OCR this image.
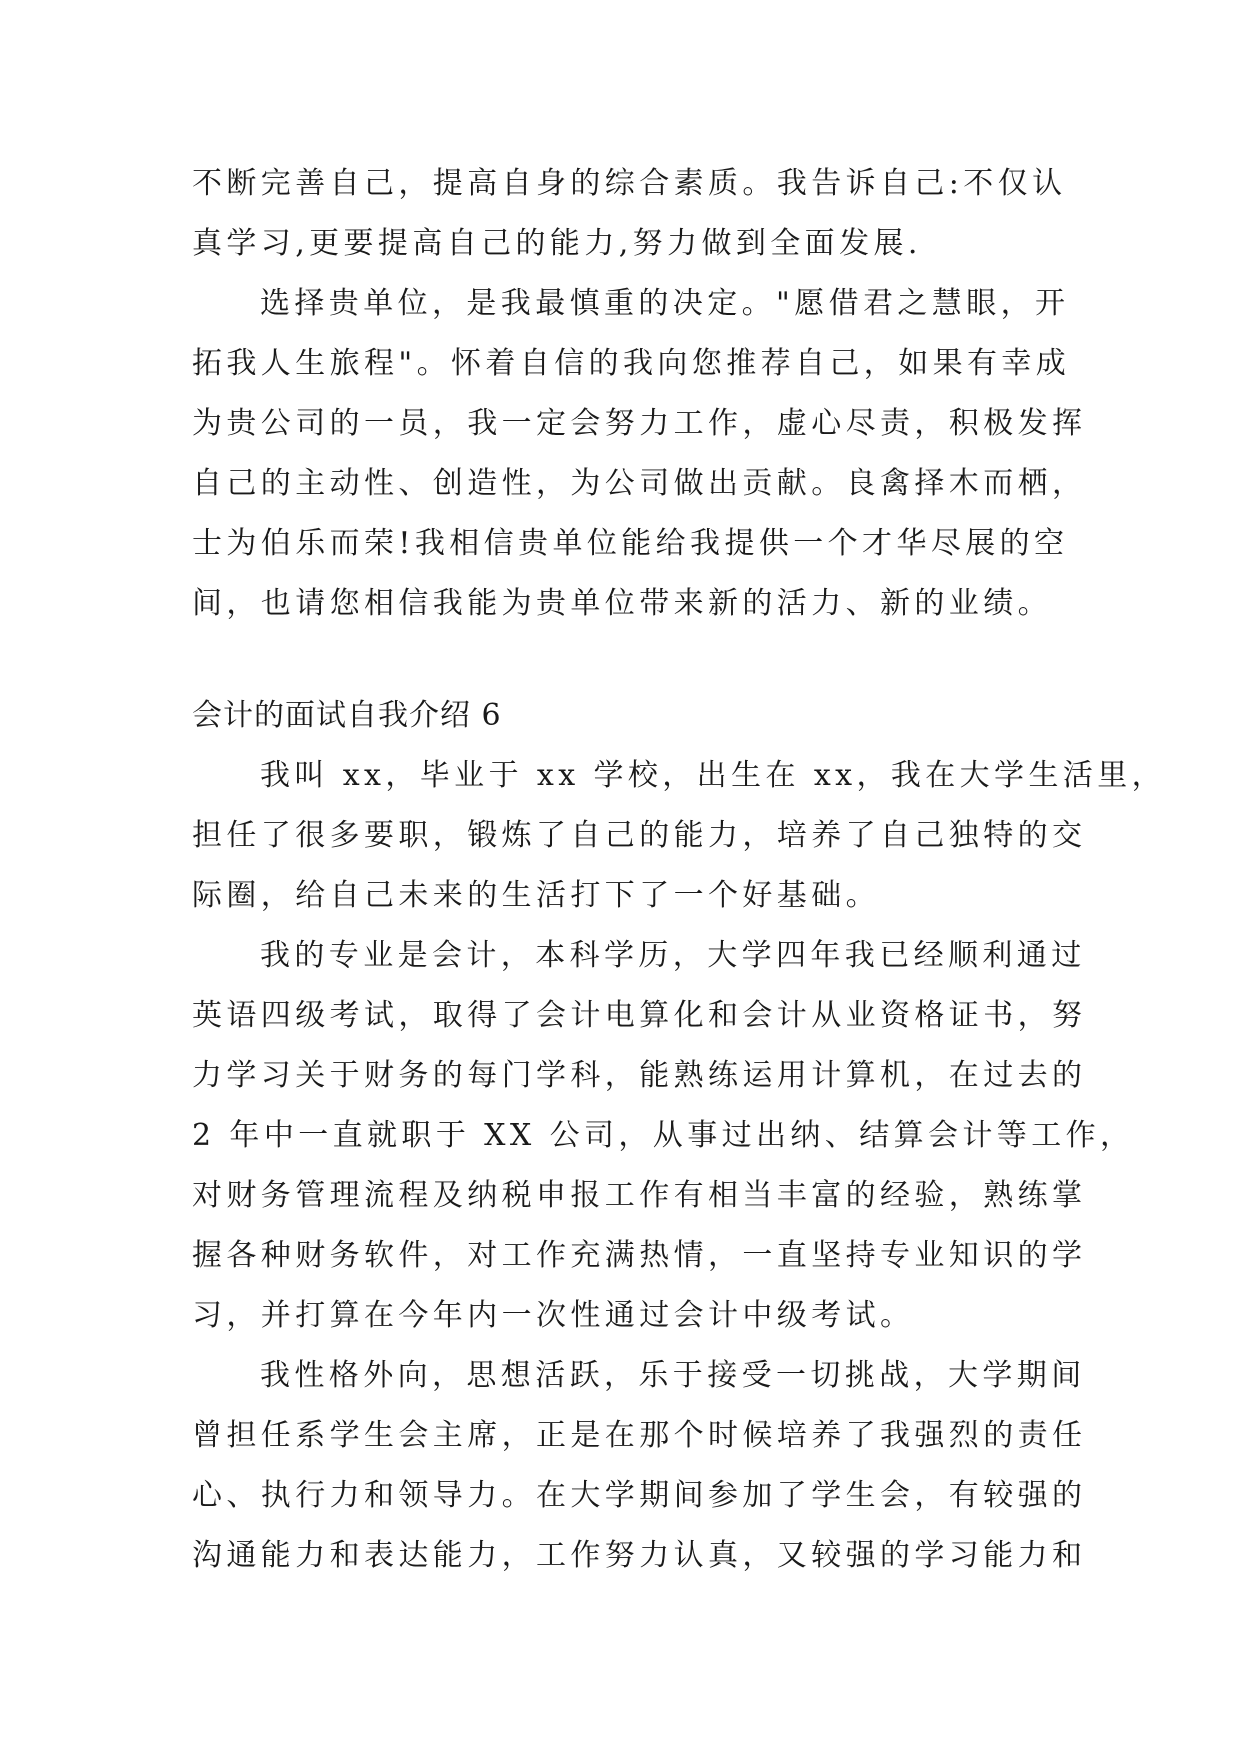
不断完善自己，提高自身的综合素质。我告诉自己:不仅认
真学习,更要提高自己的能力,努力做到全面发展.
选择贵单位，是我最慎重的决定。"愿借君之慧眼，开
拓我人生旅程"。怀着自信的我向您推荐自己，如果有幸成
为贵公司的一员，我一定会努力工作，虚心尽责，积极发挥
自己的主动性、创造性，为公司做出贡献。良禽择木而栖，
士为伯乐而荣!我相信贵单位能给我提供一个才华尽展的空
间，也请您相信我能为贵单位带来新的活力、新的业绩。
会计的面试自我介绍 6
我叫 xx，毕业于 xx 学校，出生在 xx，我在大学生活里，
担任了很多要职，锻炼了自己的能力，培养了自己独特的交
际圈，给自己未来的生活打下了一个好基础。
我的专业是会计，本科学历，大学四年我已经顺利通过
英语四级考试，取得了会计电算化和会计从业资格证书，努
力学习关于财务的每门学科，能熟练运用计算机，在过去的
2 年中一直就职于 XX 公司，从事过出纳、结算会计等工作，
对财务管理流程及纳税申报工作有相当丰富的经验，熟练掌
握各种财务软件，对工作充满热情，一直坚持专业知识的学
习，并打算在今年内一次性通过会计中级考试。
我性格外向，思想活跃，乐于接受一切挑战，大学期间
曾担任系学生会主席，正是在那个时候培养了我强烈的责任
心、执行力和领导力。在大学期间参加了学生会，有较强的
沟通能力和表达能力，工作努力认真，又较强的学习能力和
